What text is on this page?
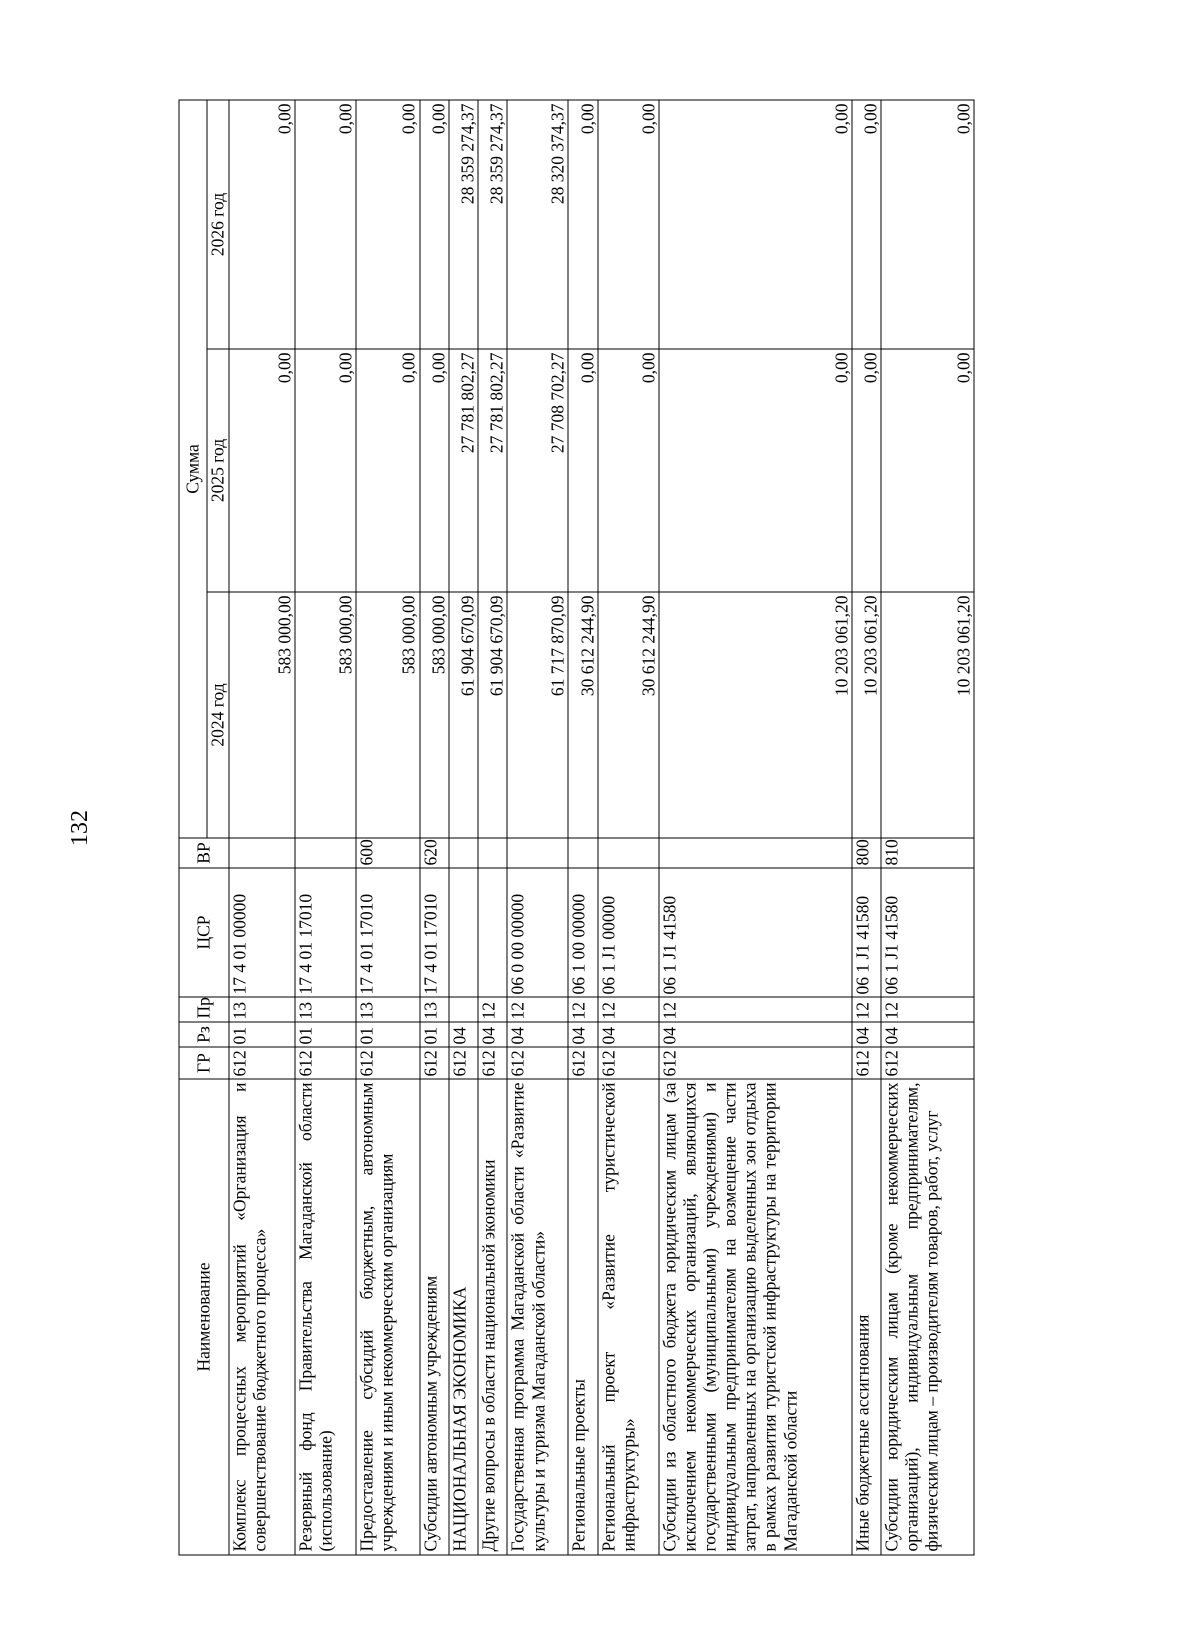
132
Наименование	ГР	Рз	Пр	ЦСР	ВР	Сумма		
						2024 год	2025 год	2026 год
Комплекс процессных мероприятий «Организация и совершенствование бюджетного процесса»	612	01	13	17 4 01 00000		583 000,00	0,00	0,00
Резервный фонд Правительства Магаданской области (использование)	612	01	13	17 4 01 17010		583 000,00	0,00	0,00
Предоставление субсидий бюджетным, автономным учреждениям и иным некоммерческим организациям	612	01	13	17 4 01 17010	600	583 000,00	0,00	0,00
Субсидии автономным учреждениям	612	01	13	17 4 01 17010	620	583 000,00	0,00	0,00
НАЦИОНАЛЬНАЯ ЭКОНОМИКА	612	04				61 904 670,09	27 781 802,27	28 359 274,37
Другие вопросы в области национальной экономики	612	04	12			61 904 670,09	27 781 802,27	28 359 274,37
Государственная программа Магаданской области «Развитие культуры и туризма Магаданской области»	612	04	12	06 0 00 00000		61 717 870,09	27 708 702,27	28 320 374,37
Региональные проекты	612	04	12	06 1 00 00000		30 612 244,90	0,00	0,00
Региональный проект «Развитие туристической инфраструктуры»	612	04	12	06 1 J1 00000		30 612 244,90	0,00	0,00
Субсидии из областного бюджета юридическим лицам (за исключением некоммерческих организаций, являющихся государственными (муниципальными) учреждениями) и индивидуальным предпринимателям на возмещение части затрат, направленных на организацию выделенных зон отдыха в рамках развития туристской инфраструктуры на территории Магаданской области	612	04	12	06 1 J1 41580		10 203 061,20	0,00	0,00
Иные бюджетные ассигнования	612	04	12	06 1 J1 41580	800	10 203 061,20	0,00	0,00
Субсидии юридическим лицам (кроме некоммерческих организаций), индивидуальным предпринимателям, физическим лицам – производителям товаров, работ, услуг	612	04	12	06 1 J1 41580	810	10 203 061,20	0,00	0,00
